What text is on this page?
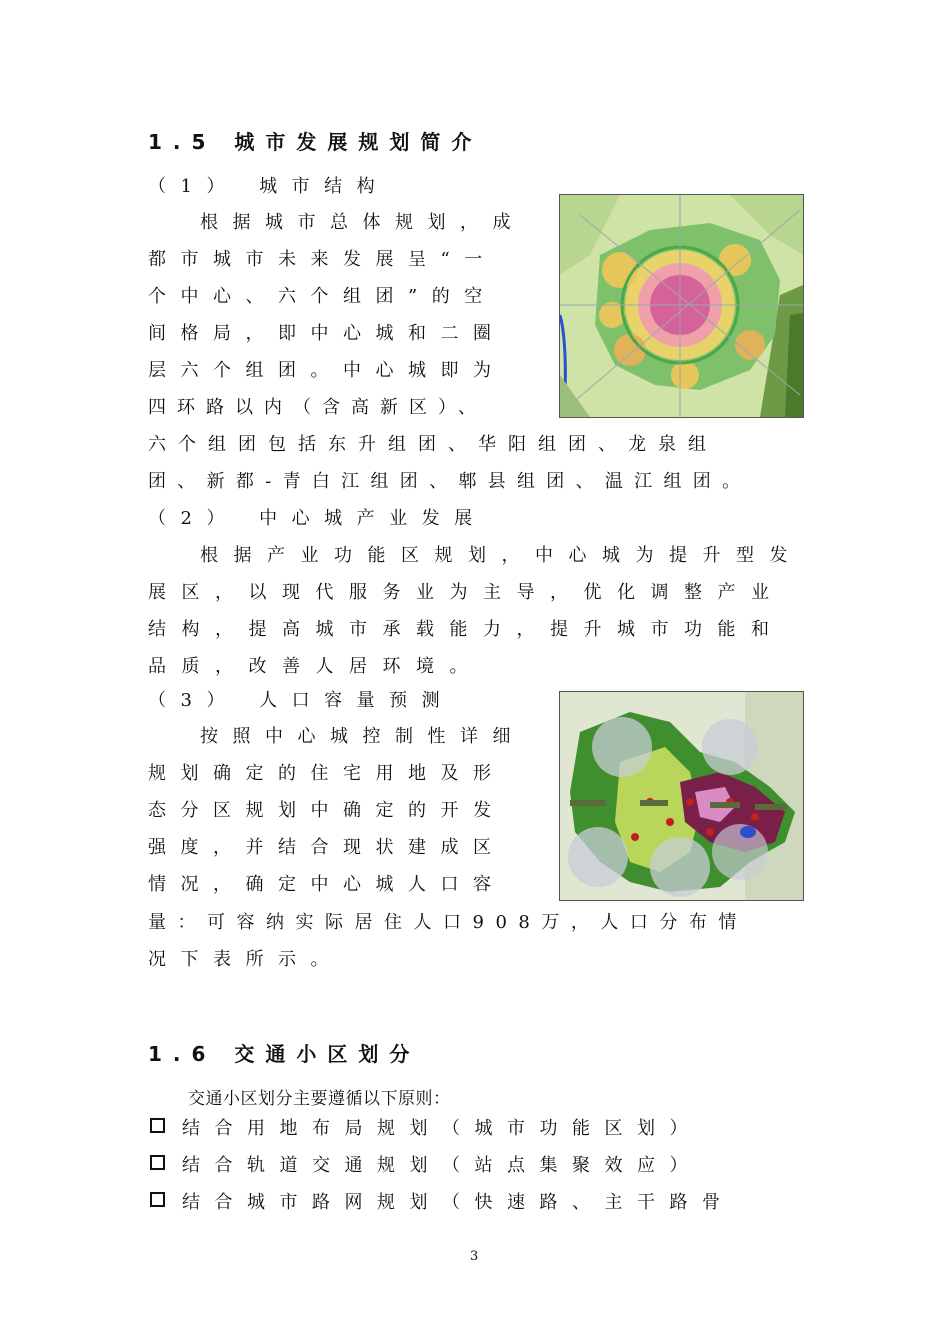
1.5 城市发展规划简介
（1） 城市结构
根据城市总体规划，成
都市城市未来发展呈“一
个中心、六个组团”的空
间格局，即中心城和二圈
层六个组团。中心城即为
四环路以内（含高新区）、
六个组团包括东升组团、华阳组团、龙泉组
团、新都-青白江组团、郫县组团、温江组团。
（2） 中心城产业发展
根据产业功能区规划，中心城为提升型发
展区，以现代服务业为主导，优化调整产业
结构，提高城市承载能力，提升城市功能和
品质，改善人居环境。
（3） 人口容量预测
按照中心城控制性详细
规划确定的住宅用地及形
态分区规划中确定的开发
强度，并结合现状建成区
情况，确定中心城人口容
量：可容纳实际居住人口908万，人口分布情
况下表所示。
1.6 交通小区划分
交通小区划分主要遵循以下原则：
结合用地布局规划（城市功能区划）
结合轨道交通规划（站点集聚效应）
结合城市路网规划（快速路、主干路骨
3
